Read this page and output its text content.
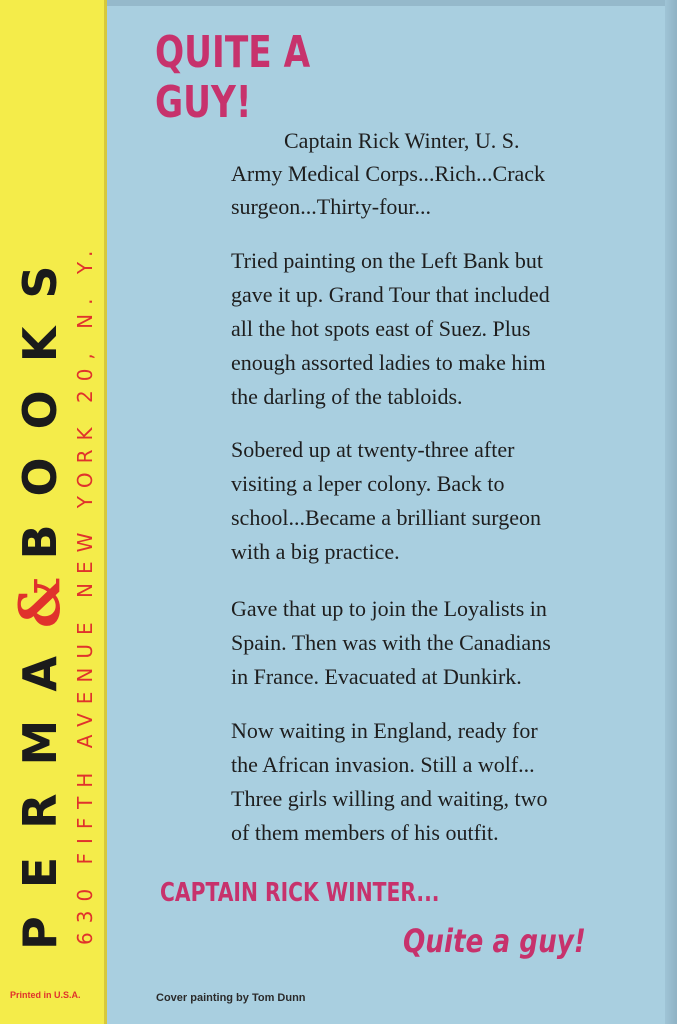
PERMA
&
BOOKS 630 FIFTH AVENUE NEW YORK 20, N. Y.
Printed in U.S.A.
QUITE A
GUY!
Captain Rick Winter, U. S.
Army Medical Corps...Rich...Crack
surgeon...Thirty-four...
Tried painting on the Left Bank but
gave it up. Grand Tour that included
all the hot spots east of Suez. Plus
enough assorted ladies to make him
the darling of the tabloids.
Sobered up at twenty-three after
visiting a leper colony. Back to
school...Became a brilliant surgeon
with a big practice.
Gave that up to join the Loyalists in
Spain. Then was with the Canadians
in France. Evacuated at Dunkirk.
Now waiting in England, ready for
the African invasion. Still a wolf...
Three girls willing and waiting, two
of them members of his outfit.
CAPTAIN RICK WINTER...
Quite a guy!
Cover painting by Tom Dunn
